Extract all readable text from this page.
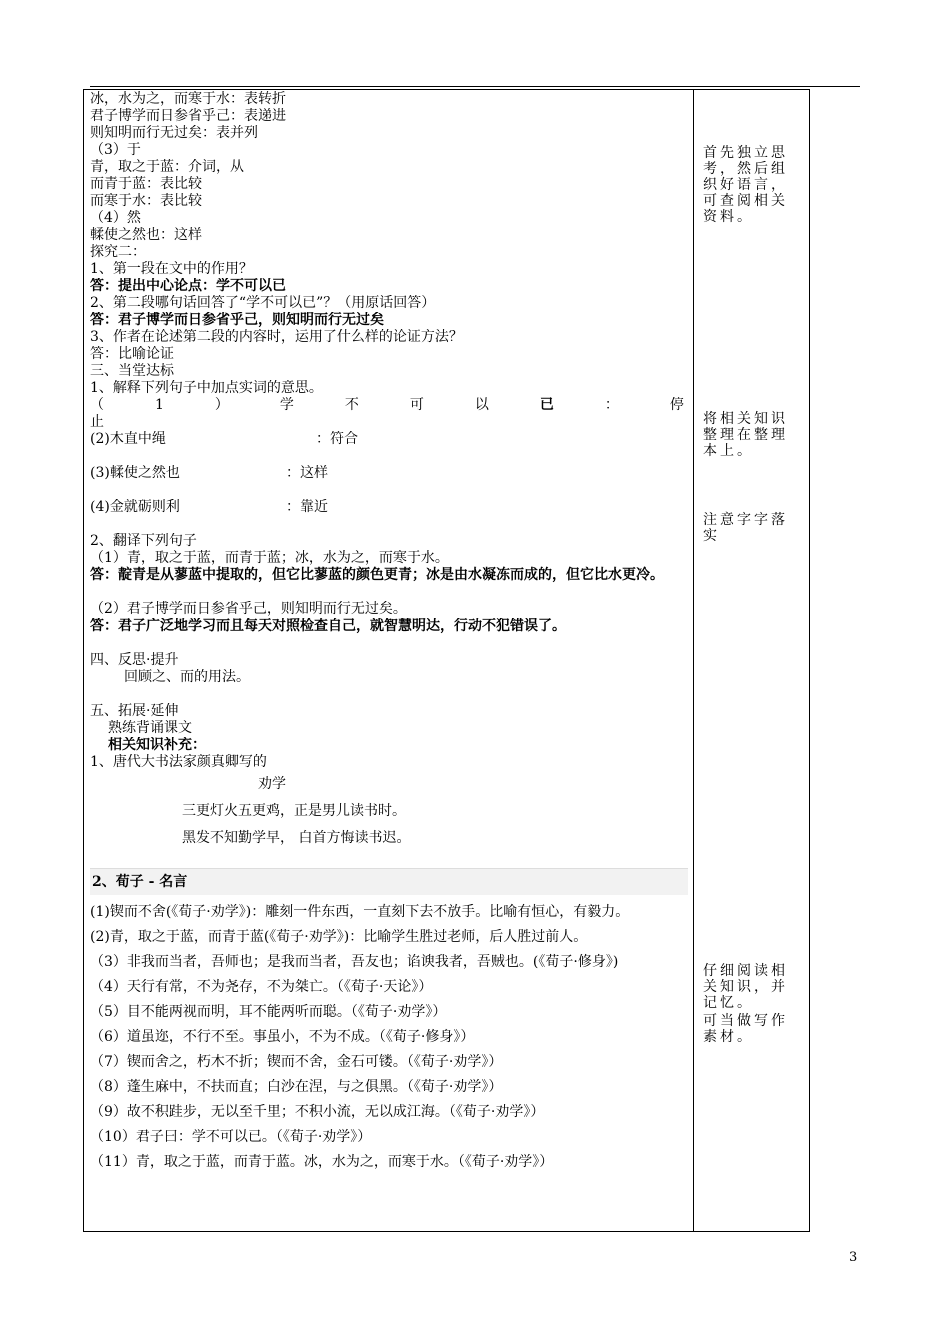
冰，水为之，而寒于水：表转折
君子博学而日参省乎己：表递进
则知明而行无过矣：表并列
（3）于
青，取之于蓝：介词，从
而青于蓝：表比较
而寒于水：表比较
（4）然
輮使之然也：这样
探究二：
1、第一段在文中的作用？
答：提出中心论点：学不可以已
2、第二段哪句话回答了“学不可以已”？（用原话回答）
答：君子博学而日参省乎己，则知明而行无过矣
3、作者在论述第二段的内容时，运用了什么样的论证方法？
答：比喻论证
三、当堂达标
1、解释下列句子中加点实词的意思。
（	1	）	学	不	可	以	已	：	停
止
(2)木直中绳	：符合
(3)輮使之然也	：这样
(4)金就砺则利	：靠近
2、翻译下列句子
（1）青，取之于蓝，而青于蓝；冰，水为之，而寒于水。
答：靛青是从蓼蓝中提取的，但它比蓼蓝的颜色更青；冰是由水凝冻而成的，但它比水更冷。
（2）君子博学而日参省乎己，则知明而行无过矣。
答：君子广泛地学习而且每天对照检查自己，就智慧明达，行动不犯错误了。
四、反思·提升
回顾之、而的用法。
五、拓展·延伸
熟练背诵课文
相关知识补充：
1、唐代大书法家颜真卿写的
劝学
三更灯火五更鸡，正是男儿读书时。
黑发不知勤学早， 白首方悔读书迟。
2、荀子 - 名言
(1)锲而不舍(《荀子·劝学》)：雕刻一件东西，一直刻下去不放手。比喻有恒心，有毅力。
(2)青，取之于蓝，而青于蓝(《荀子·劝学》)：比喻学生胜过老师，后人胜过前人。
（3）非我而当者，吾师也；是我而当者，吾友也；谄谀我者，吾贼也。(《荀子·修身》)
（4）天行有常，不为尧存，不为桀亡。（《荀子·天论》）
（5）目不能两视而明，耳不能两听而聪。（《荀子·劝学》）
（6）道虽迩，不行不至。事虽小，不为不成。（《荀子·修身》）
（7）锲而舍之，朽木不折；锲而不舍，金石可镂。（《荀子·劝学》）
（8）蓬生麻中，不扶而直；白沙在涅，与之俱黑。（《荀子·劝学》）
（9）故不积跬步，无以至千里；不积小流，无以成江海。（《荀子·劝学》）
（10）君子曰：学不可以已。（《荀子·劝学》）
（11）青，取之于蓝，而青于蓝。冰，水为之，而寒于水。（《荀子·劝学》）
首先独立思考，然后组织好语言，可查阅相关资料。
将相关知识整理在整理本上。
注意字字落实
仔细阅读相关知识，并记忆。
可当做写作素材。
3
